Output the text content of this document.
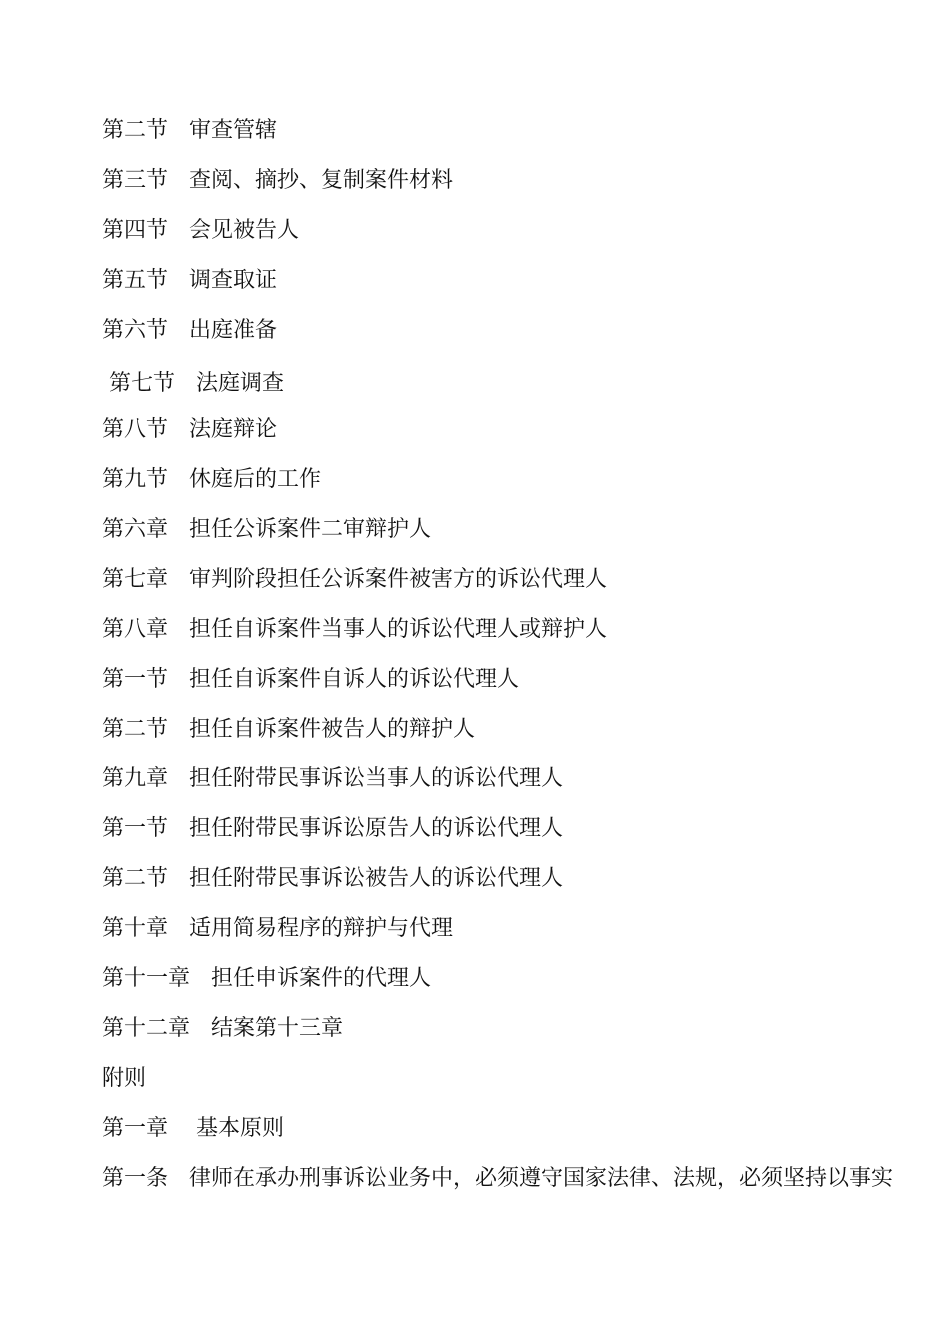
第二节   审查管辖
第三节   查阅、摘抄、复制案件材料
第四节   会见被告人
第五节   调查取证
第六节   出庭准备
第七节   法庭调查
第八节   法庭辩论
第九节   休庭后的工作
第六章   担任公诉案件二审辩护人
第七章   审判阶段担任公诉案件被害方的诉讼代理人
第八章   担任自诉案件当事人的诉讼代理人或辩护人
第一节   担任自诉案件自诉人的诉讼代理人
第二节   担任自诉案件被告人的辩护人
第九章   担任附带民事诉讼当事人的诉讼代理人
第一节   担任附带民事诉讼原告人的诉讼代理人
第二节   担任附带民事诉讼被告人的诉讼代理人
第十章   适用简易程序的辩护与代理
第十一章   担任申诉案件的代理人
第十二章   结案第十三章
附则
第一章    基本原则
第一条   律师在承办刑事诉讼业务中，必须遵守国家法律、法规，必须坚持以事实
